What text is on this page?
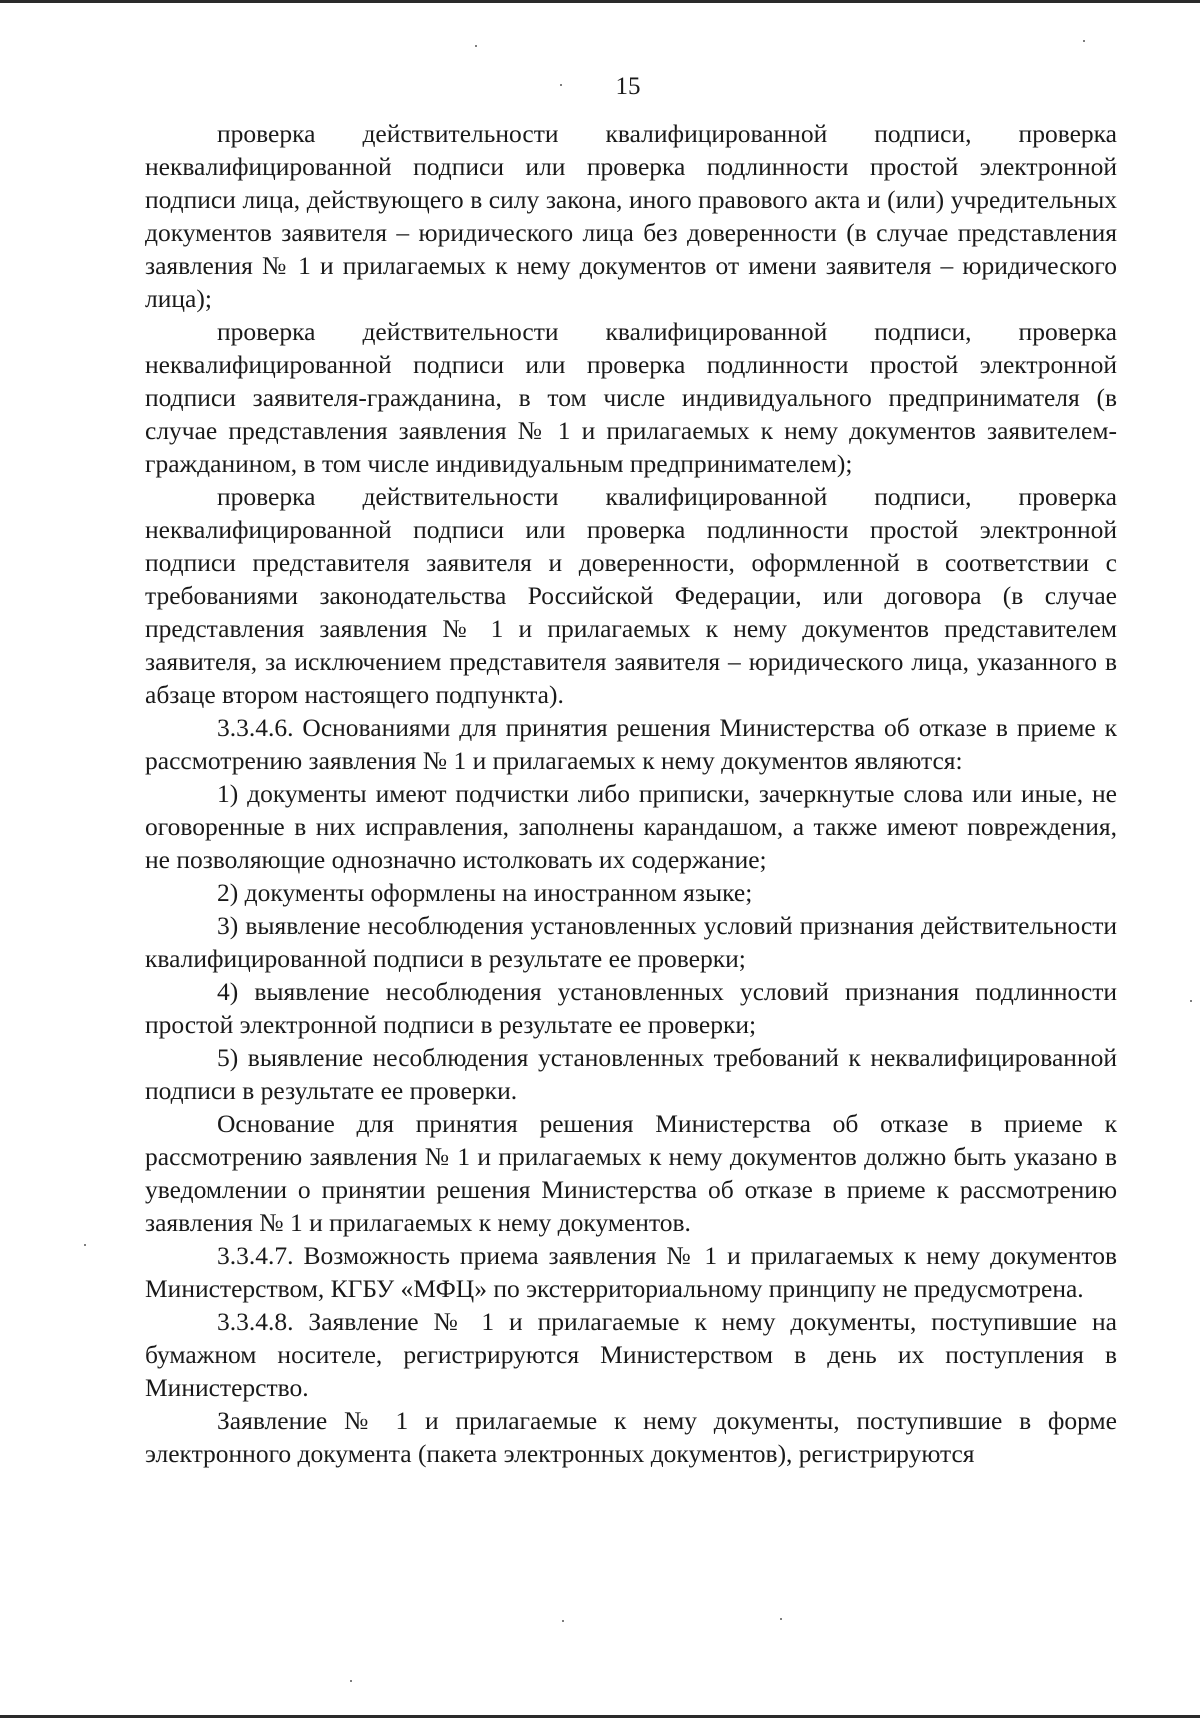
15

проверка действительности квалифицированной подписи, проверка неквалифицированной подписи или проверка подлинности простой электронной подписи лица, действующего в силу закона, иного правового акта и (или) учредительных документов заявителя – юридического лица без доверенности (в случае представления заявления № 1 и прилагаемых к нему документов от имени заявителя – юридического лица);

проверка действительности квалифицированной подписи, проверка неквалифицированной подписи или проверка подлинности простой электронной подписи заявителя-гражданина, в том числе индивидуального предпринимателя (в случае представления заявления № 1 и прилагаемых к нему документов заявителем-гражданином, в том числе индивидуальным предпринимателем);

проверка действительности квалифицированной подписи, проверка неквалифицированной подписи или проверка подлинности простой электронной подписи представителя заявителя и доверенности, оформленной в соответствии с требованиями законодательства Российской Федерации, или договора (в случае представления заявления № 1 и прилагаемых к нему документов представителем заявителя, за исключением представителя заявителя – юридического лица, указанного в абзаце втором настоящего подпункта).

3.3.4.6. Основаниями для принятия решения Министерства об отказе в приеме к рассмотрению заявления № 1 и прилагаемых к нему документов являются:

1) документы имеют подчистки либо приписки, зачеркнутые слова или иные, не оговоренные в них исправления, заполнены карандашом, а также имеют повреждения, не позволяющие однозначно истолковать их содержание;

2) документы оформлены на иностранном языке;

3) выявление несоблюдения установленных условий признания действительности квалифицированной подписи в результате ее проверки;

4) выявление несоблюдения установленных условий признания подлинности простой электронной подписи в результате ее проверки;

5) выявление несоблюдения установленных требований к неквалифицированной подписи в результате ее проверки.

Основание для принятия решения Министерства об отказе в приеме к рассмотрению заявления № 1 и прилагаемых к нему документов должно быть указано в уведомлении о принятии решения Министерства об отказе в приеме к рассмотрению заявления № 1 и прилагаемых к нему документов.

3.3.4.7. Возможность приема заявления № 1 и прилагаемых к нему документов Министерством, КГБУ «МФЦ» по экстерриториальному принципу не предусмотрена.

3.3.4.8. Заявление № 1 и прилагаемые к нему документы, поступившие на бумажном носителе, регистрируются Министерством в день их поступления в Министерство.

Заявление № 1 и прилагаемые к нему документы, поступившие в форме электронного документа (пакета электронных документов), регистрируются
